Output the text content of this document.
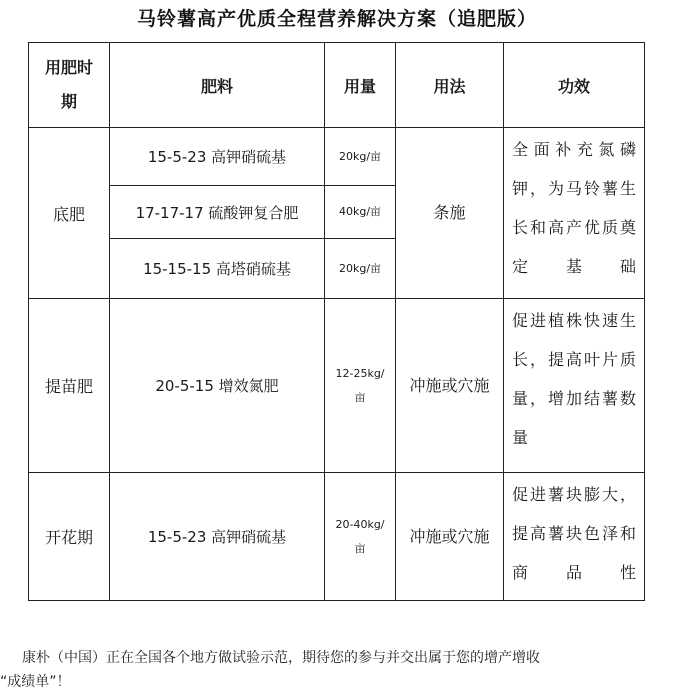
马铃薯高产优质全程营养解决方案（追肥版）
用肥时期	肥料	用量	用法	功效
底肥	15-5-23 高钾硝硫基	20kg/亩	条施	全面补充氮磷钾，为马铃薯生长和高产优质奠定基础

	17-17-17 硫酸钾复合肥	40kg/亩		
	15-15-15 高塔硝硫基	20kg/亩		
提苗肥	20-5-15 增效氮肥	12-25kg/亩	冲施或穴施	促进植株快速生长，提高叶片质量，增加结薯数量

开花期	15-5-23 高钾硝硫基	20-40kg/亩	冲施或穴施	促进薯块膨大，提高薯块色泽和商品性
康朴（中国）正在全国各个地方做试验示范，期待您的参与并交出属于您的增产增收
“成绩单”！
